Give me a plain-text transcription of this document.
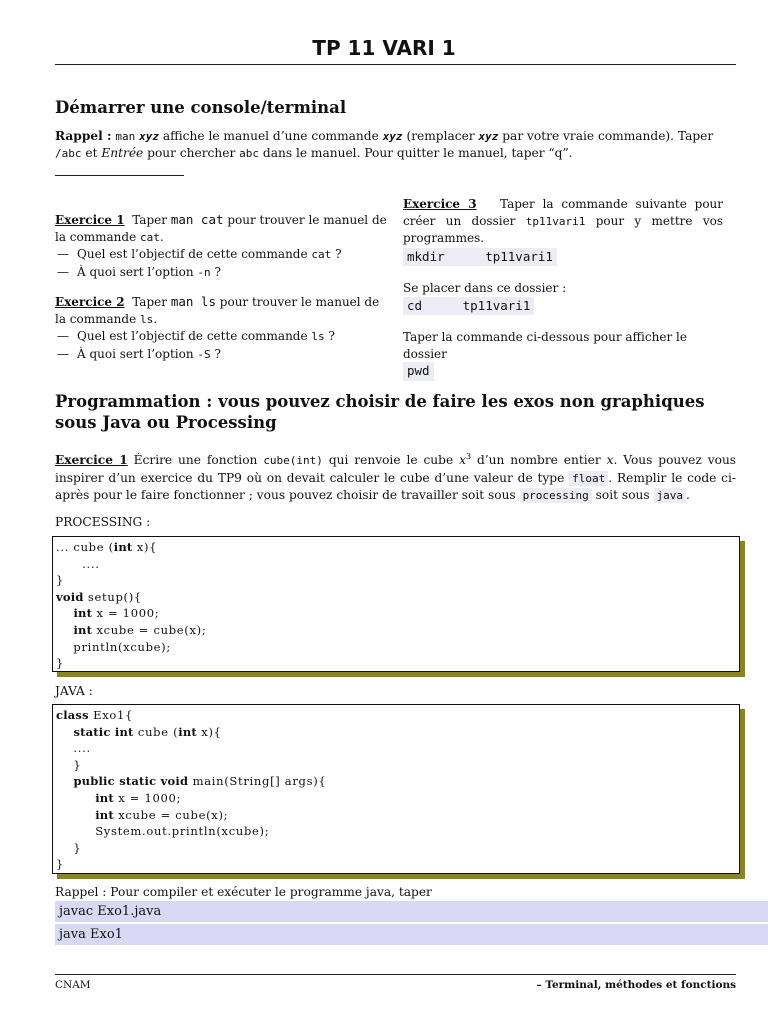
TP 11 VARI 1
Démarrer une console/terminal
Rappel : man xyz affiche le manuel d’une commande xyz (remplacer xyz par votre vraie commande). Taper /abc et Entrée pour chercher abc dans le manuel. Pour quitter le manuel, taper “q”.
Exercice 1 Taper man cat pour trouver le manuel de la commande cat.
— Quel est l’objectif de cette commande cat ?
— À quoi sert l’option -n ?
Exercice 2 Taper man ls pour trouver le manuel de la commande ls.
— Quel est l’objectif de cette commande ls ?
— À quoi sert l’option -S ?
Exercice 3 Taper la commande suivante pour créer un dossier tp11vari1 pour y mettre vos programmes.
mkdir   tp11vari1
Se placer dans ce dossier :
cd   tp11vari1
Taper la commande ci-dessous pour afficher le dossier
pwd
Programmation : vous pouvez choisir de faire les exos non graphiques sous Java ou Processing
Exercice 1 Écrire une fonction cube(int) qui renvoie le cube $x^3$ d’un nombre entier x. Vous pouvez vous inspirer d’un exercice du TP9 où on devait calculer le cube d’une valeur de type float . Remplir le code ci-après pour le faire fonctionner ; vous pouvez choisir de travailler soit sous processing soit sous java .
PROCESSING :
... cube (int x){
....
}
void setup(){
int x = 1000;
int xcube = cube(x);
println(xcube);
}
JAVA :
class Exo1{
static int cube (int x){
....
}
public static void main(String[] args){
int x = 1000;
int xcube = cube(x);
System.out.println(xcube);
}
}
Rappel : Pour compiler et exécuter le programme java, taper
javac Exo1.java
java Exo1
CNAM	– Terminal, méthodes et fonctions
